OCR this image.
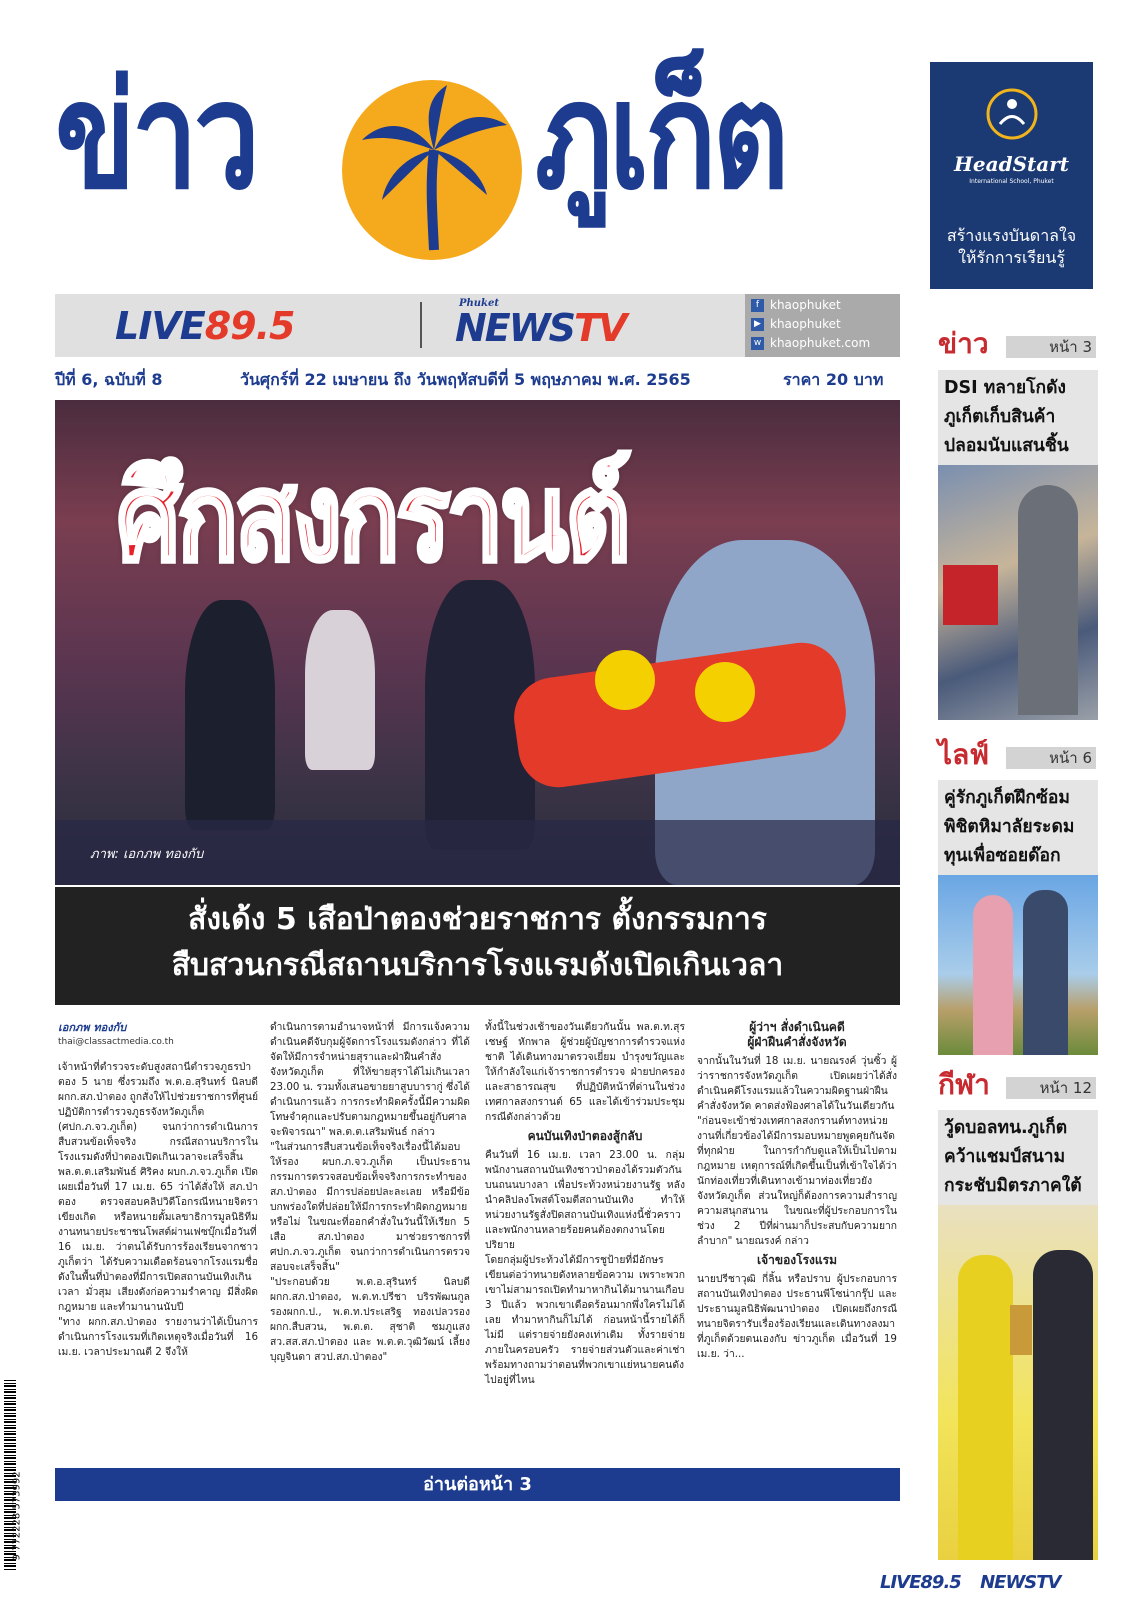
ข่าว ภูเก็ต	HeadStart
International School, Phuket
สร้างแรงบันดาลใจ
ให้รักการเรียนรู้
LIVE89.5
Phuket
NEWSTV
f khaophuket
▶ khaophuket
w khaophuket.com
ปีที่ 6, ฉบับที่ 8	วันศุกร์ที่ 22 เมษายน ถึง วันพฤหัสบดีที่ 5 พฤษภาคม พ.ศ. 2565	ราคา 20 บาท
ศึกสงกรานต์
ภาพ: เอกภพ ทองกับ
สั่งเด้ง 5 เสือป่าตองช่วยราชการ ตั้งกรรมการ
สืบสวนกรณีสถานบริการโรงแรมดังเปิดเกินเวลา
9 772228 573992
เอกภพ ทองกับ
thai@classactmedia.co.th

เจ้าหน้าที่ตำรวจระดับสูงสถานีตำรวจภูธรป่าตอง 5 นาย ซึ่งรวมถึง พ.ต.อ.สุรินทร์ นิลบดี ผกก.สภ.ป่าตอง ถูกสั่งให้ไปช่วยราชการที่ศูนย์ปฏิบัติการตำรวจภูธรจังหวัดภูเก็ต (ศปก.ภ.จว.ภูเก็ต) จนกว่าการดำเนินการสืบสวนข้อเท็จจริง กรณีสถานบริการในโรงแรมดังที่ป่าตองเปิดเกินเวลาจะเสร็จสิ้น

พล.ต.ต.เสริมพันธ์ ศิริคง ผบก.ภ.จว.ภูเก็ต เปิดเผยเมื่อวันที่ 17 เม.ย. 65 ว่าได้สั่งให้ สภ.ป่าตอง ตรวจสอบคลิปวิดีโอกรณีหนายจิตรา เขียงเกิด หรือหนายตั้มเลขาธิการมูลนิธิทีมงานทนายประชาชนโพสต์ผ่านเฟซบุ๊กเมื่อวันที่ 16 เม.ย. ว่าตนได้รับการร้องเรียนจากชาวภูเก็ตว่า ได้รับความเดือดร้อนจากโรงแรมชื่อดังในพื้นที่ป่าตองที่มีการเปิดสถานบันเทิงเกินเวลา มั่วสุม เสียงดังก่อความรำคาญ มีสิ่งผิดกฎหมาย และทำมานานนับปี

"ทาง ผกก.สภ.ป่าตอง รายงานว่าได้เป็นการดำเนินการโรงแรมที่เกิดเหตุจริงเมื่อวันที่ 16 เม.ย. เวลาประมาณตี 2 จึงให้

ดำเนินการตามอำนาจหน้าที่ มีการแจ้งความดำเนินคดีจับกุมผู้จัดการโรงแรมดังกล่าว ที่ได้จัดให้มีการจำหน่ายสุราและฝ่าฝืนคำสั่งจังหวัดภูเก็ต ที่ให้ขายสุราได้ไม่เกินเวลา 23.00 น. รวมทั้งเสนอขายยาสูบบารากู่ ซึ่งได้ดำเนินการแล้ว การกระทำผิดครั้งนี้มีความผิดโทษจำคุกและปรับตามกฎหมายขึ้นอยู่กับศาลจะพิจารณา" พล.ต.ต.เสริมพันธ์ กล่าว

"ในส่วนการสืบสวนข้อเท็จจริงเรื่องนี้ได้มอบให้รอง ผบก.ภ.จว.ภูเก็ต เป็นประธานกรรมการตรวจสอบข้อเท็จจริงการกระทำของ สภ.ป่าตอง มีการปล่อยปละละเลย หรือมีข้อบกพร่องใดที่ปล่อยให้มีการกระทำผิดกฎหมายหรือไม่ ในขณะที่ออกคำสั่งในวันนี้ให้เรียก 5 เสือ สภ.ป่าตอง มาช่วยราชการที่ ศปก.ภ.จว.ภูเก็ต จนกว่าการดำเนินการตรวจสอบจะเสร็จสิ้น"

"ประกอบด้วย พ.ต.อ.สุรินทร์ นิลบดี ผกก.สภ.ป่าตอง, พ.ต.ท.ปรีชา บริรพัฒนกูล รองผกก.ป., พ.ต.ท.ประเสริฐ ทองเปลวรอง ผกก.สืบสวน, พ.ต.ต. สุชาติ ชมภูแสง สว.สส.สภ.ป่าตอง และ พ.ต.ต.วุฒิวัฒน์ เลี้ยงบุญจินดา สวป.สภ.ป่าตอง"

ทั้งนี้ในช่วงเช้าของวันเดียวกันนั้น พล.ต.ท.สุรเชษฐ์ หักพาล ผู้ช่วยผู้บัญชาการตำรวจแห่งชาติ ได้เดินทางมาตรวจเยี่ยม บำรุงขวัญและให้กำลังใจแก่เจ้าราชการตำรวจ ฝ่ายปกครอง และสาธารณสุข ที่ปฏิบัติหน้าที่ด่านในช่วงเทศกาลสงกรานต์ 65 และได้เข้าร่วมประชุมกรณีดังกล่าวด้วย

คนบันเทิงป่าตองสู้กลับ

คืนวันที่ 16 เม.ย. เวลา 23.00 น. กลุ่มพนักงานสถานบันเทิงชาวป่าตองได้รวมตัวกันบนถนนบางลา เพื่อประท้วงหน่วยงานรัฐ หลังนำคลิปลงโพสต์โจมตีสถานบันเทิง ทำให้หน่วยงานรัฐสั่งปิดสถานบันเทิงแห่งนี้ชั่วคราว และพนักงานหลายร้อยคนต้องตกงานโดยปริยาย

โดยกลุ่มผู้ประท้วงได้มีการชูป้ายที่มีอักษรเขียนต่อว่าทนายดังหลายข้อความ เพราะพวกเขาไม่สามารถเปิดทำมาหากินได้มานานเกือบ 3 ปีแล้ว พวกเขาเดือดร้อนมากพึ่งใครไม่ได้เลย ทำมาหากินก็ไม่ได้ ก่อนหน้านี้รายได้ก็ไม่มี แต่รายจ่ายยังคงเท่าเดิม ทั้งรายจ่ายภายในครอบครัว รายจ่ายส่วนตัวและค่าเช่า พร้อมทางถามว่าตอนที่พวกเขาแย่หนายคนดังไปอยู่ที่ไหน

ผู้ว่าฯ สั่งดำเนินคดี
ผู้ฝ่าฝืนคำสั่งจังหวัด

จากนั้นในวันที่ 18 เม.ย. นายณรงค์ วุ่นซิ้ว ผู้ว่าราชการจังหวัดภูเก็ต เปิดเผยว่าได้สั่งดำเนินคดีโรงแรมแล้วในความผิดฐานฝ่าฝืนคำสั่งจังหวัด คาดส่งฟ้องศาลได้ในวันเดียวกัน

"ก่อนจะเข้าช่วงเทศกาลสงกรานต์ทางหน่วยงานที่เกี่ยวข้องได้มีการมอบหมายพูดคุยกันจัดที่ทุกฝ่าย ในการกำกับดูแลให้เป็นไปตามกฎหมาย เหตุการณ์ที่เกิดขึ้นเป็นที่เข้าใจได้ว่า นักท่องเที่ยวที่เดินทางเข้ามาท่องเที่ยวยังจังหวัดภูเก็ต ส่วนใหญ่ก็ต้องการความสำราญ ความสนุกสนาน ในขณะที่ผู้ประกอบการในช่วง 2 ปีที่ผ่านมาก็ประสบกับความยากลำบาก" นายณรงค์ กล่าว

เจ้าของโรงแรม

นายปรีชาวุฒิ กี่ลิ้น หรือปราบ ผู้ประกอบการสถานบันเทิงป่าตอง ประธานพีโซน่ากรุ๊ป และประธานมูลนิธิพัฒนาป่าตอง เปิดเผยถึงกรณีทนายจิตรารับเรื่องร้องเรียนและเดินทางลงมาที่ภูเก็ตด้วยตนเองกับ ข่าวภูเก็ต เมื่อวันที่ 19 เม.ย. ว่า...

อ่านต่อหน้า 3
หน้า 3
ข่าว
DSI ทลายโกดังภูเก็ตเก็บสินค้าปลอมนับแสนชิ้น
หน้า 6
ไลฟ์
คู่รักภูเก็ตฝึกซ้อมพิชิตหิมาลัยระดมทุนเพื่อซอยด๊อก
หน้า 12
กีฬา
วู้ดบอลทน.ภูเก็ตคว้าแชมป์สนามกระชับมิตรภาคใต้
LIVE89.5 NEWSTV
